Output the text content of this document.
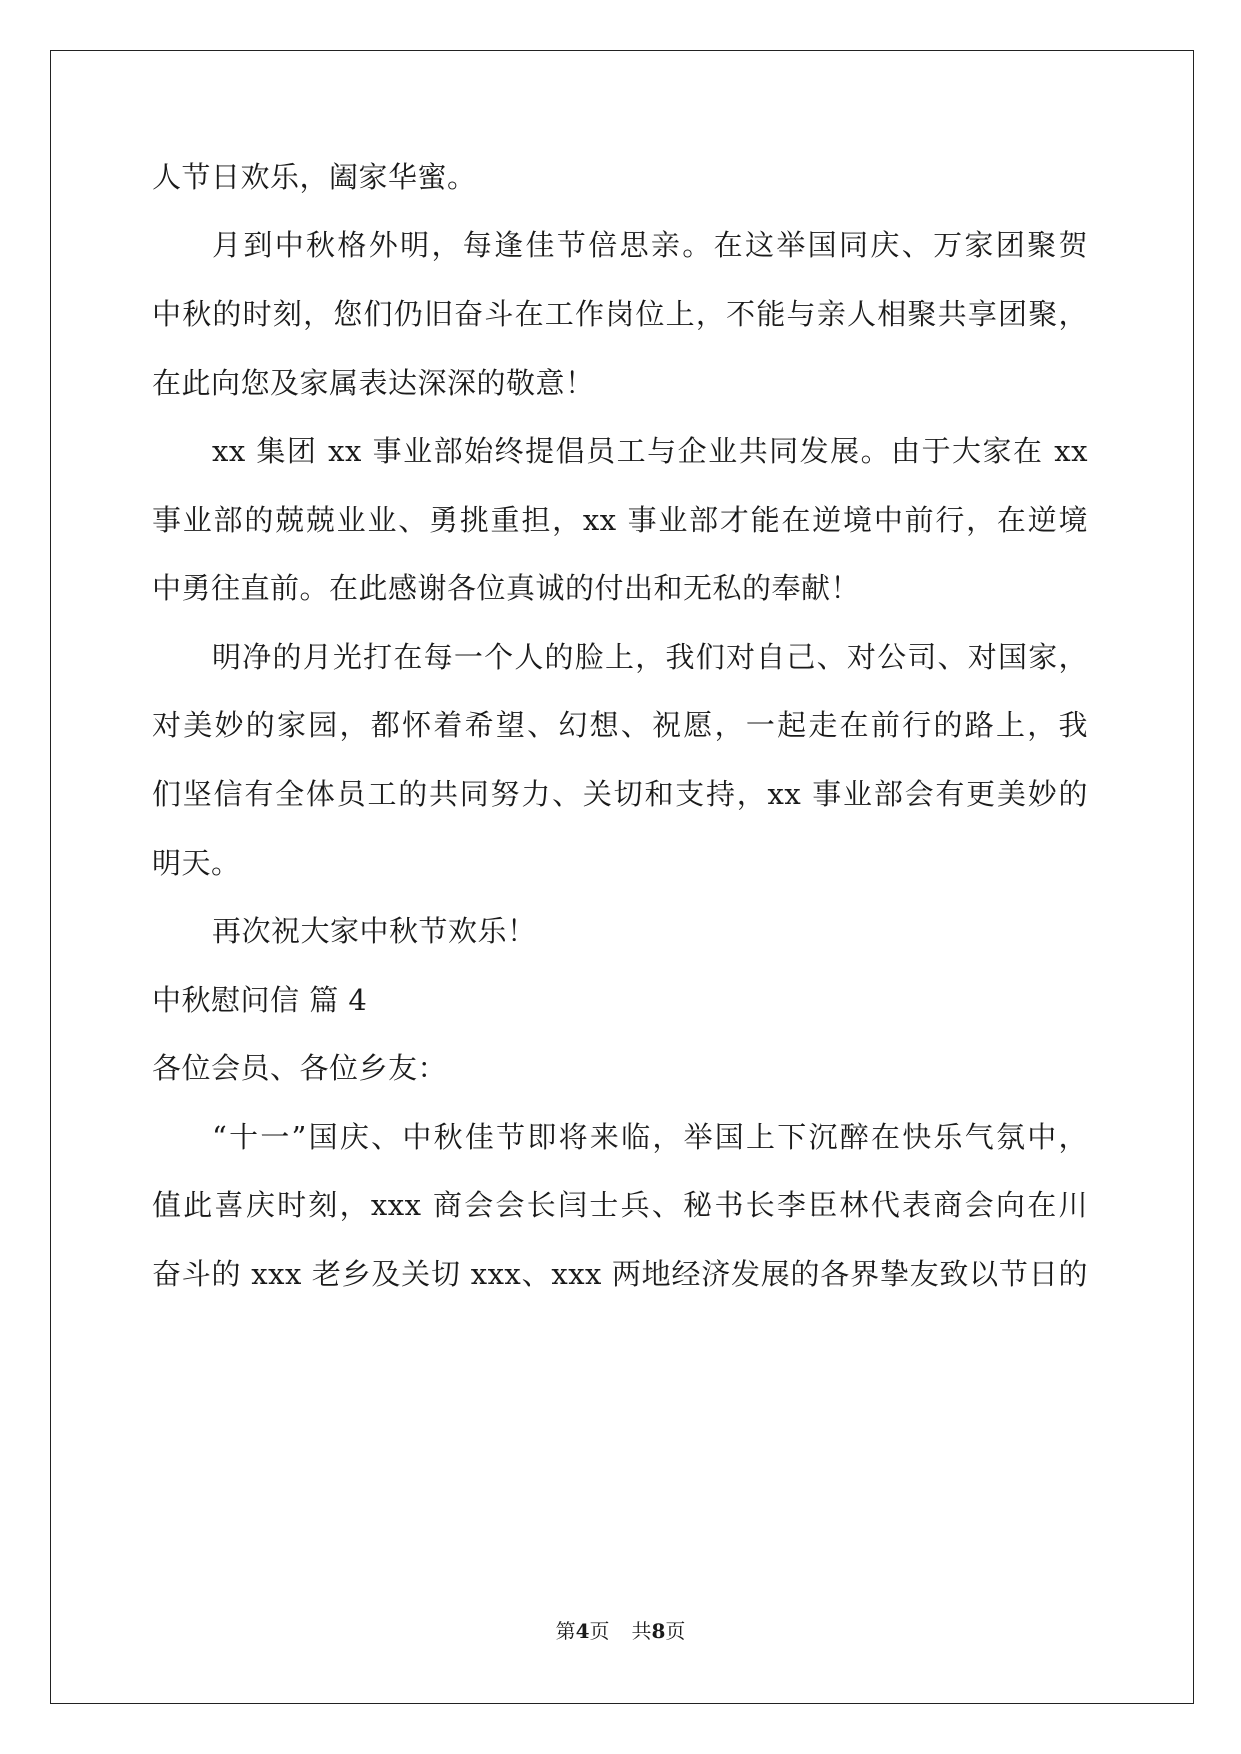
人节日欢乐，阖家华蜜。
月到中秋格外明，每逢佳节倍思亲。在这举国同庆、万家团聚贺
中秋的时刻，您们仍旧奋斗在工作岗位上，不能与亲人相聚共享团聚，
在此向您及家属表达深深的敬意！
xx 集团 xx 事业部始终提倡员工与企业共同发展。由于大家在 xx
事业部的兢兢业业、勇挑重担，xx 事业部才能在逆境中前行，在逆境
中勇往直前。在此感谢各位真诚的付出和无私的奉献！
明净的月光打在每一个人的脸上，我们对自己、对公司、对国家，
对美妙的家园，都怀着希望、幻想、祝愿，一起走在前行的路上，我
们坚信有全体员工的共同努力、关切和支持，xx 事业部会有更美妙的
明天。
再次祝大家中秋节欢乐！
中秋慰问信 篇 4
各位会员、各位乡友：
“十一”国庆、中秋佳节即将来临，举国上下沉醉在快乐气氛中，
值此喜庆时刻，xxx 商会会长闫士兵、秘书长李臣林代表商会向在川
奋斗的 xxx 老乡及关切 xxx、xxx 两地经济发展的各界挚友致以节日的
第4页 共8页
